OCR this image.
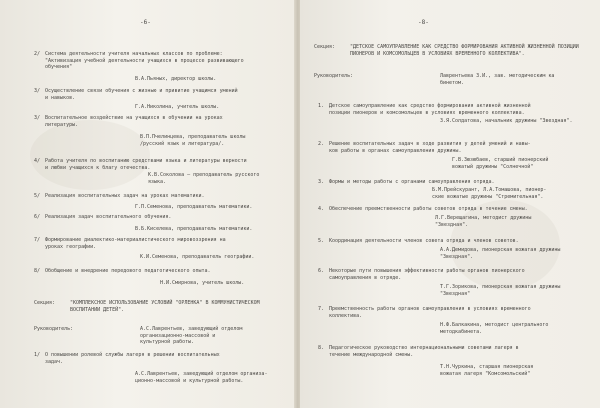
-6-
2/ Система деятельности учителя начальных классов по проблеме:
"Активизация учебной деятельности учащихся в процессе развивающего
обучения"
В.А.Пьяных, директор школы.
3/ Осуществление связи обучения с жизнью и привитие учащимся умений
и навыков.
Г.А.Николина, учитель школы.
3/ Воспитательное воздействие на учащихся в обучении на уроках
литературы.
В.П.Пчелинцева, преподаватель школы
/русский язык и литература/.
4/ Работа учителя по воспитанию средствами языка и литературы верности
и любви учащихся к благу отечества.
К.В.Соколова — преподаватель русского
языка.
5/ Реализация воспитательных задач на уроках математики.
Г.П.Семенова, преподаватель математики.
6/ Реализация задач воспитательного обучения.
В.Б.Киселева, преподаватель математики.
7/ Формирование диалектико-материалистического мировоззрения на
уроках географии.
К.И.Семенова, преподаватель географии.
8/ Обобщение и внедрение передового педагогического опыта.
Н.И.Смирнова, учитель школы.
Секция:	"КОМПЛЕКСНОЕ ИСПОЛЬЗОВАНИЕ УСЛОВИЙ "ОРЛЕНКА" В КОММУНИСТИЧЕСКОМ ВОСПИТАНИИ ДЕТЕЙ".
Руководитель:	А.С.Лаврентьев, заведующий отделом
организационно-массовой и
культурной работы.
1/ О повышении ролевой службы лагеря в решении воспитательных
задач.
А.С.Лаврентьев, заведующий отделом организа-
ционно-массовой и культурной работы.
-8-
Секция:	"ДЕТСКОЕ САМОУПРАВЛЕНИЕ КАК СРЕДСТВО ФОРМИРОВАНИЯ АКТИВНОЙ ЖИЗНЕННОЙ ПОЗИЦИИ ПИОНЕРОВ И КОМСОМОЛЬЦЕВ В УСЛОВИЯХ ВРЕМЕННОГО КОЛЛЕКТИВА".
Руководитель:	Лаврентьева З.И., зав. методическим ка
бинетом.
1. Детское самоуправление как средство формирования активной жизненной
позиции пионеров и комсомольцев в условиях временного коллектива.
З.Я.Солдатова, начальник дружины "Звездная".
2. Решение воспитательных задач в ходе развития у детей умений и навы-
ков работы в органах самоуправления дружины.
Г.В.Зюзюбаев, старший пионерский
вожатый дружины "Солнечной"
3. Формы и методы работы с органами самоуправления отряда.
Б.М.Прейскурант, Л.А.Томашова, пионер-
ские вожатые дружины "Стремительная".
4. Обеспечение преемственности работы советов отряда в течение смены.
Л.Г.Верещагина, методист дружины
"Звездная".
5. Координация деятельности членов совета отряда и членов советов.
А.А.Демидова, пионерская вожатая дружины
"Звездная".
6. Некоторые пути повышения эффективности работы органов пионерского
самоуправления в отряде.
Т.Г.Зорикова, пионерская вожатая дружины
"Звездная"
7. Преемственность работы органов самоуправления в условиях временного
коллектива.
Н.Ф.Балкакина, методист центрального
методкабинета.
8. Педагогическое руководство интернациональными советами лагеря в
течение международной смены.
Т.Н.Чуркина, старшая пионерская
вожатая лагеря "Комсомольский"
